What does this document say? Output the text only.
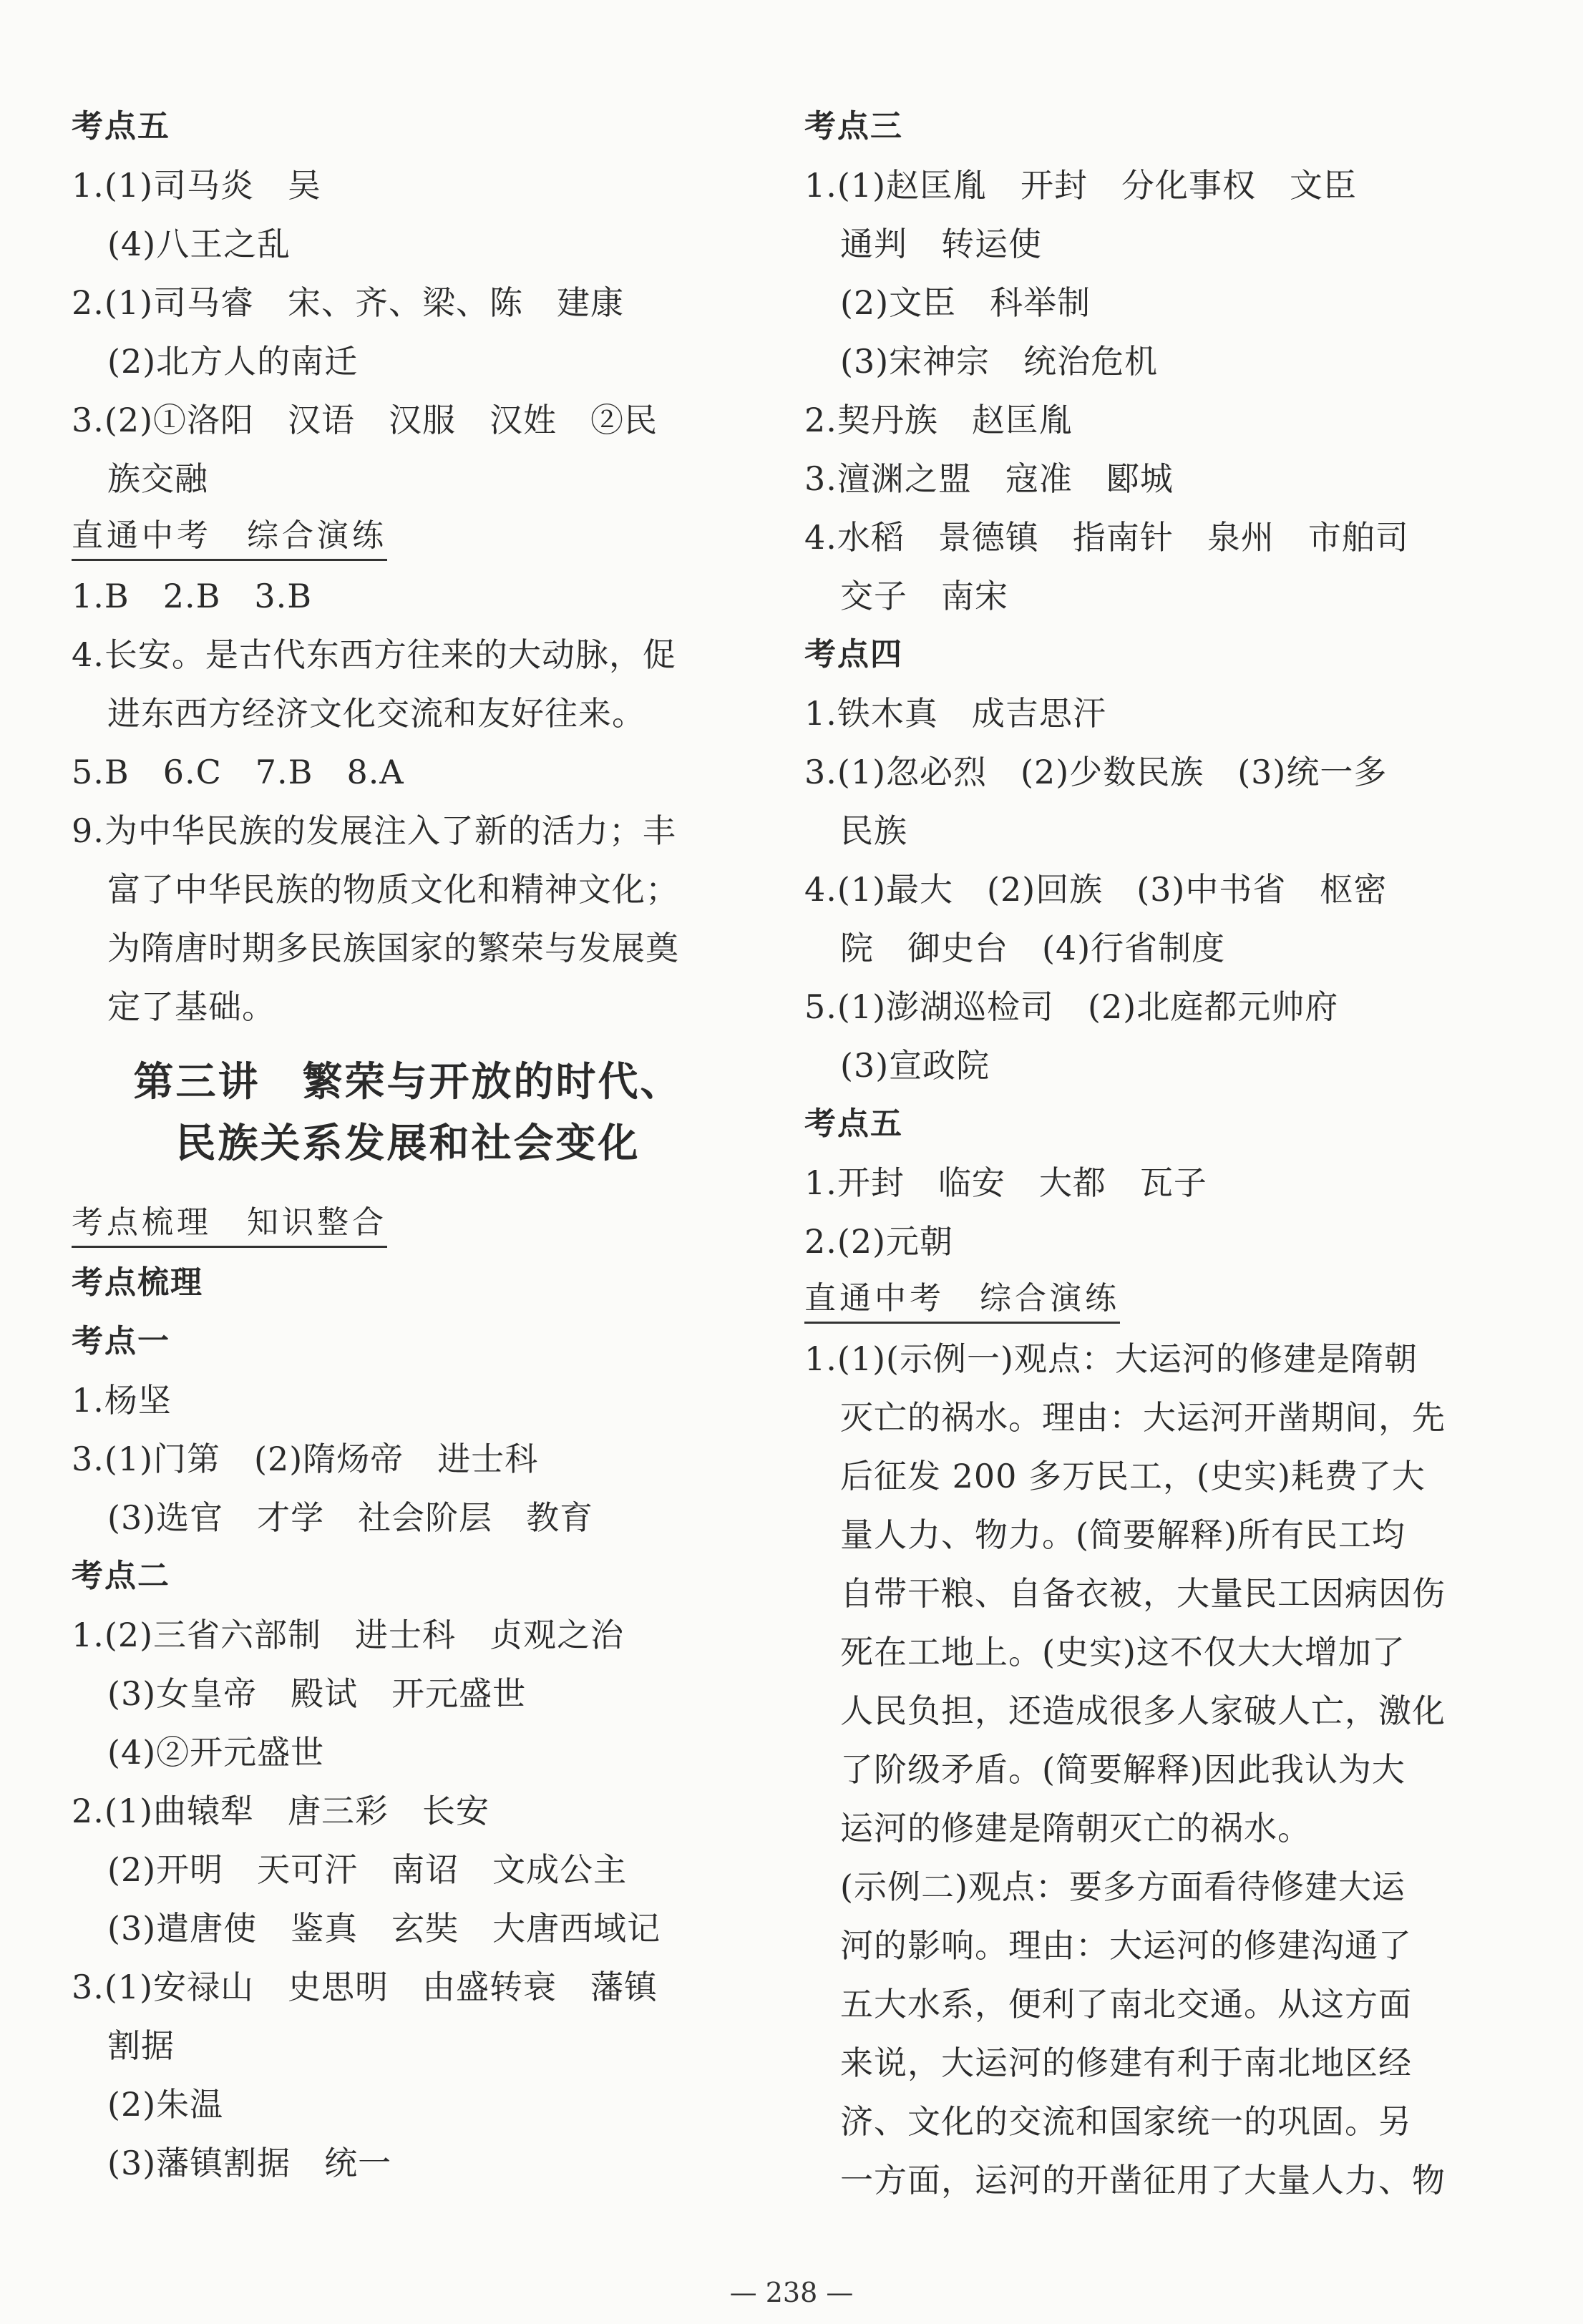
考点五
1.(1)司马炎　吴
(4)八王之乱
2.(1)司马睿　宋、齐、梁、陈　建康
(2)北方人的南迁
3.(2)①洛阳　汉语　汉服　汉姓　②民
族交融
直通中考　综合演练
1.B　2.B　3.B
4.长安。是古代东西方往来的大动脉，促
进东西方经济文化交流和友好往来。
5.B　6.C　7.B　8.A
9.为中华民族的发展注入了新的活力；丰
富了中华民族的物质文化和精神文化；
为隋唐时期多民族国家的繁荣与发展奠
定了基础。
第三讲　繁荣与开放的时代、
民族关系发展和社会变化
考点梳理　知识整合
考点梳理
考点一
1.杨坚
3.(1)门第　(2)隋炀帝　进士科
(3)选官　才学　社会阶层　教育
考点二
1.(2)三省六部制　进士科　贞观之治
(3)女皇帝　殿试　开元盛世
(4)②开元盛世
2.(1)曲辕犁　唐三彩　长安
(2)开明　天可汗　南诏　文成公主
(3)遣唐使　鉴真　玄奘　大唐西域记
3.(1)安禄山　史思明　由盛转衰　藩镇
割据
(2)朱温
(3)藩镇割据　统一
考点三
1.(1)赵匡胤　开封　分化事权　文臣
通判　转运使
(2)文臣　科举制
(3)宋神宗　统治危机
2.契丹族　赵匡胤
3.澶渊之盟　寇准　郾城
4.水稻　景德镇　指南针　泉州　市舶司
交子　南宋
考点四
1.铁木真　成吉思汗
3.(1)忽必烈　(2)少数民族　(3)统一多
民族
4.(1)最大　(2)回族　(3)中书省　枢密
院　御史台　(4)行省制度
5.(1)澎湖巡检司　(2)北庭都元帅府
(3)宣政院
考点五
1.开封　临安　大都　瓦子
2.(2)元朝
直通中考　综合演练
1.(1)(示例一)观点：大运河的修建是隋朝
灭亡的祸水。理由：大运河开凿期间，先
后征发 200 多万民工，(史实)耗费了大
量人力、物力。(简要解释)所有民工均
自带干粮、自备衣被，大量民工因病因伤
死在工地上。(史实)这不仅大大增加了
人民负担，还造成很多人家破人亡，激化
了阶级矛盾。(简要解释)因此我认为大
运河的修建是隋朝灭亡的祸水。
(示例二)观点：要多方面看待修建大运
河的影响。理由：大运河的修建沟通了
五大水系，便利了南北交通。从这方面
来说，大运河的修建有利于南北地区经
济、文化的交流和国家统一的巩固。另
一方面，运河的开凿征用了大量人力、物
— 238 —
